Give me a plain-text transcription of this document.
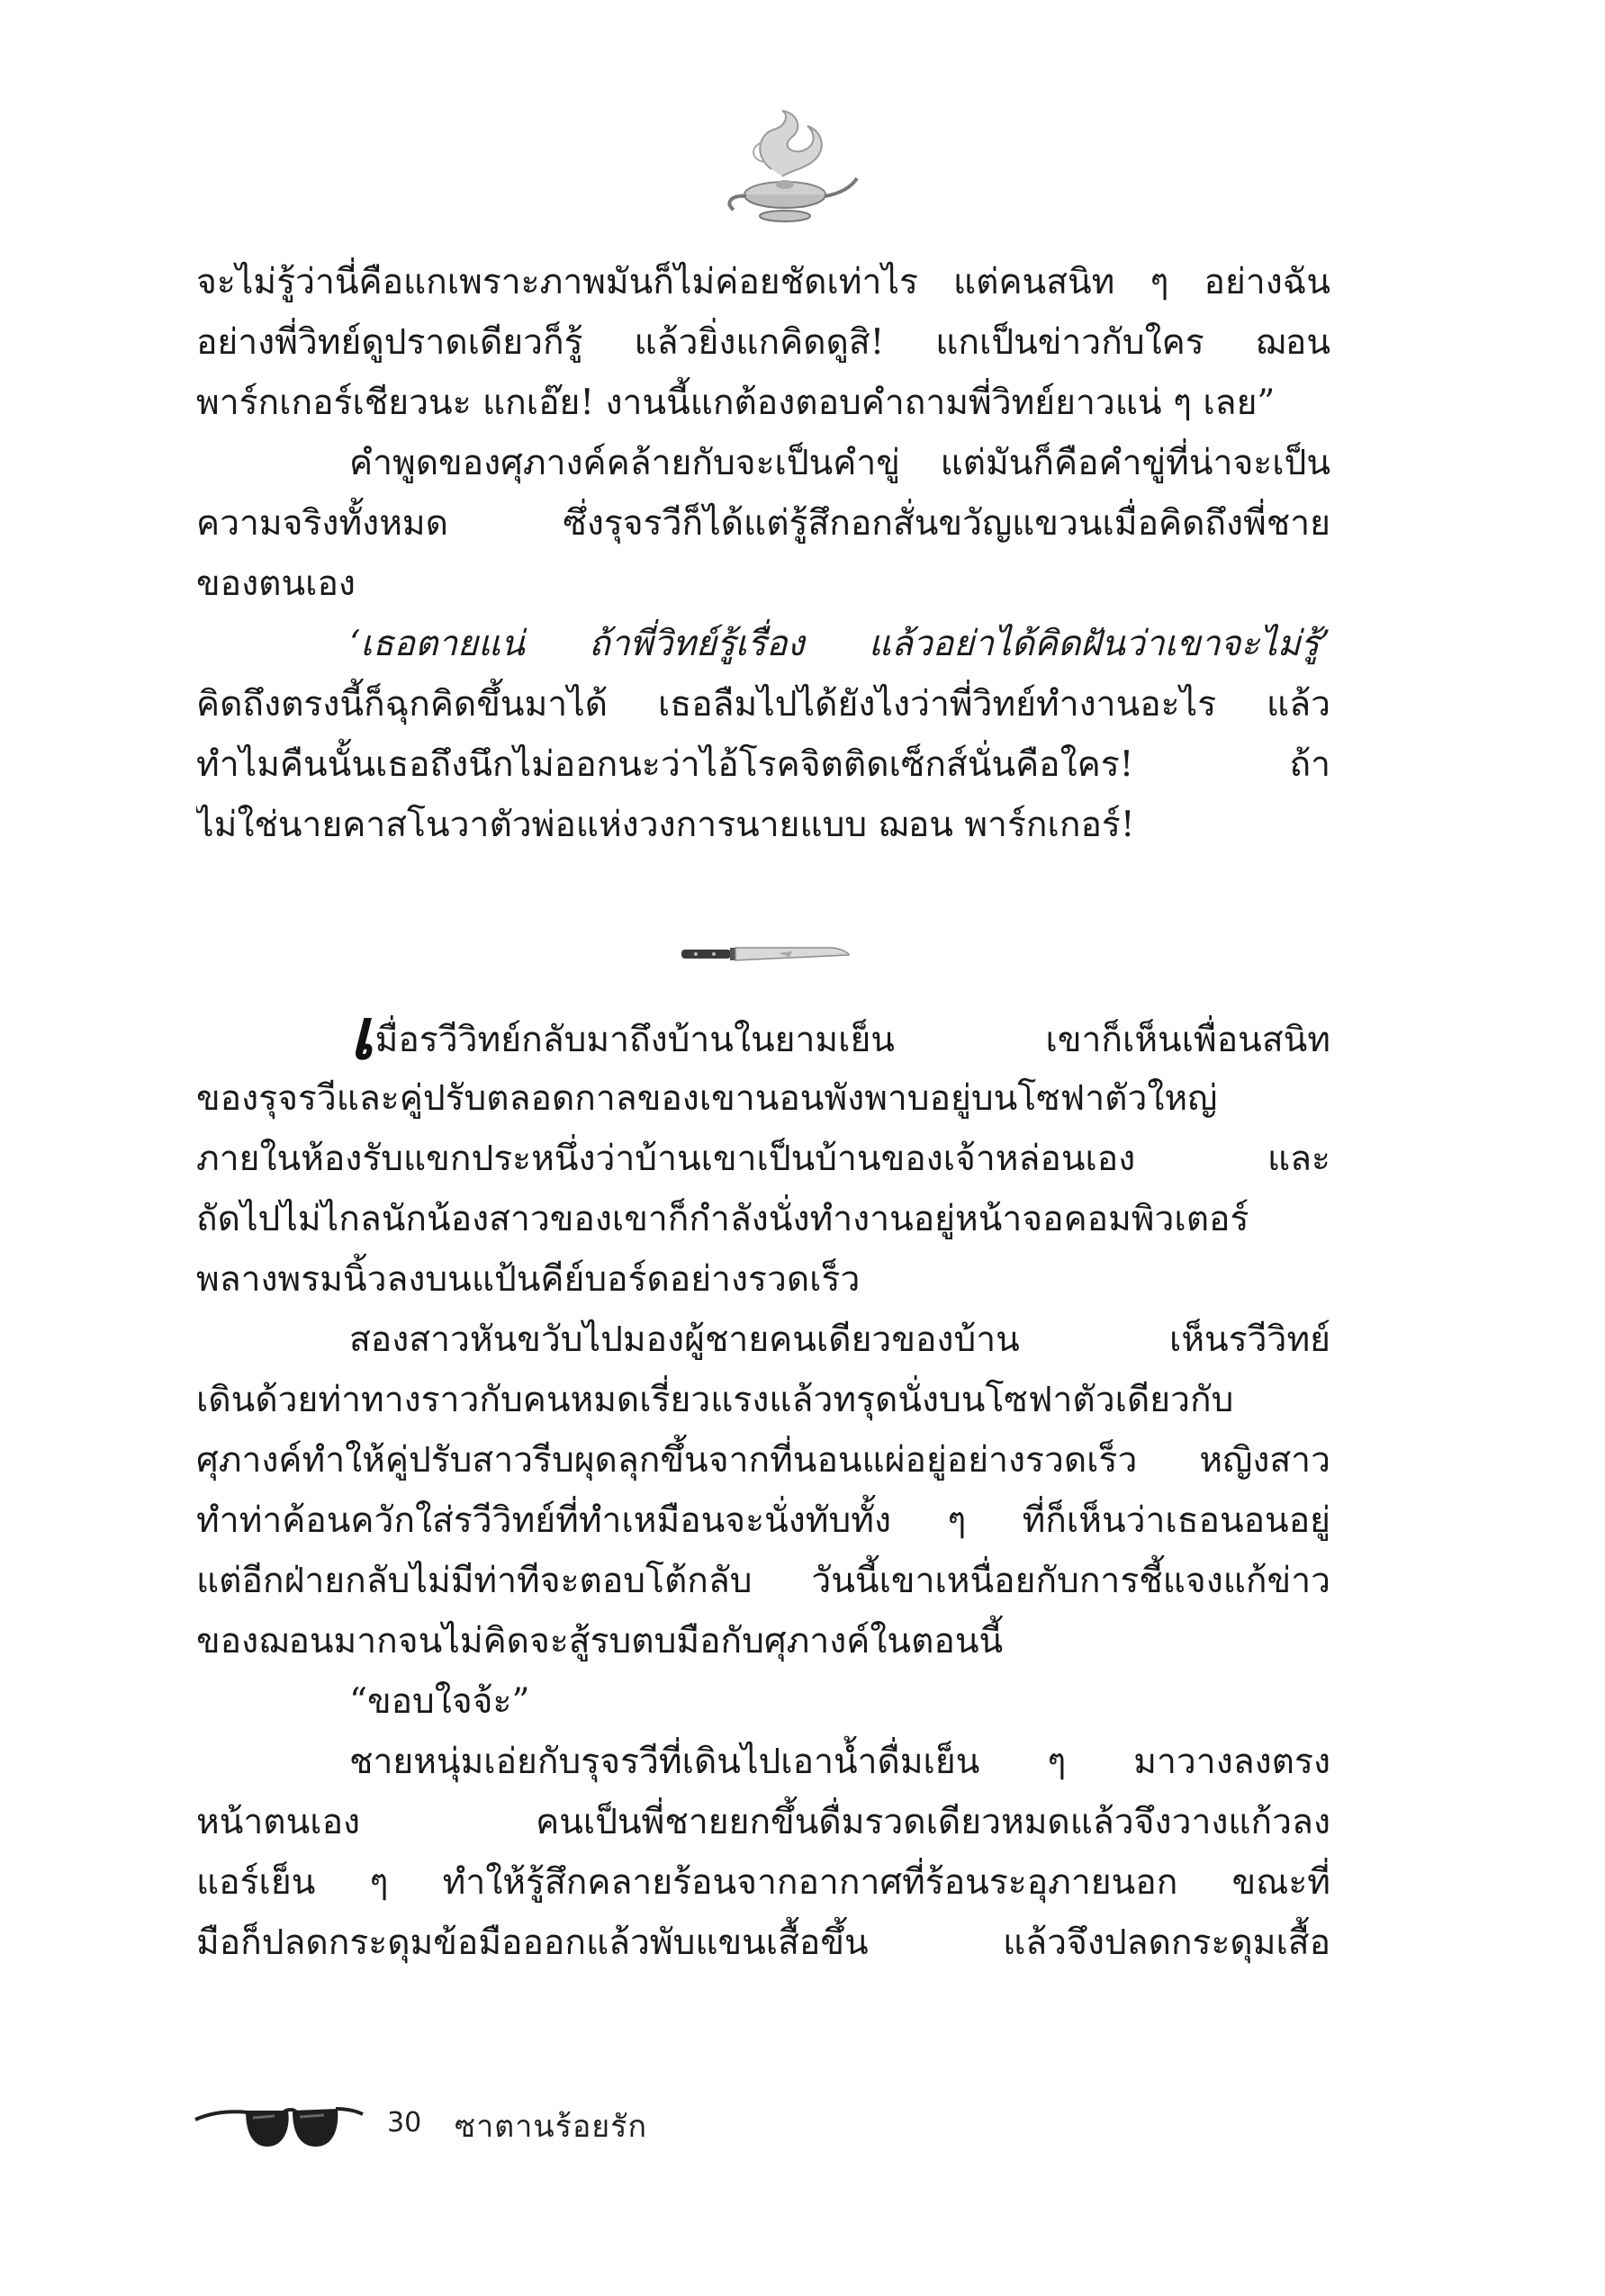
จะไม่รู้ว่านี่คือแกเพราะภาพมันก็ไม่ค่อยชัดเท่าไร แต่คนสนิท ๆ อย่างฉัน
อย่างพี่วิทย์ดูปราดเดียวก็รู้ แล้วยิ่งแกคิดดูสิ! แกเป็นข่าวกับใคร ฌอน
พาร์กเกอร์เชียวนะ แกเอ๊ย! งานนี้แกต้องตอบคำถามพี่วิทย์ยาวแน่ ๆ เลย”
คำพูดของศุภางค์คล้ายกับจะเป็นคำขู่ แต่มันก็คือคำขู่ที่น่าจะเป็น
ความจริงทั้งหมด ซึ่งรุจรวีก็ได้แต่รู้สึกอกสั่นขวัญแขวนเมื่อคิดถึงพี่ชาย
ของตนเอง
‘เธอตายแน่ ถ้าพี่วิทย์รู้เรื่อง แล้วอย่าได้คิดฝันว่าเขาจะไม่รู้’
คิดถึงตรงนี้ก็ฉุกคิดขึ้นมาได้ เธอลืมไปได้ยังไงว่าพี่วิทย์ทำงานอะไร แล้ว
ทำไมคืนนั้นเธอถึงนึกไม่ออกนะว่าไอ้โรคจิตติดเซ็กส์นั่นคือใคร! ถ้า
ไม่ใช่นายคาสโนวาตัวพ่อแห่งวงการนายแบบ ฌอน พาร์กเกอร์!
เมื่อรวีวิทย์กลับมาถึงบ้านในยามเย็น เขาก็เห็นเพื่อนสนิท
ของรุจรวีและคู่ปรับตลอดกาลของเขานอนพังพาบอยู่บนโซฟาตัวใหญ่
ภายในห้องรับแขกประหนึ่งว่าบ้านเขาเป็นบ้านของเจ้าหล่อนเอง และ
ถัดไปไม่ไกลนักน้องสาวของเขาก็กำลังนั่งทำงานอยู่หน้าจอคอมพิวเตอร์
พลางพรมนิ้วลงบนแป้นคีย์บอร์ดอย่างรวดเร็ว
สองสาวหันขวับไปมองผู้ชายคนเดียวของบ้าน เห็นรวีวิทย์
เดินด้วยท่าทางราวกับคนหมดเรี่ยวแรงแล้วทรุดนั่งบนโซฟาตัวเดียวกับ
ศุภางค์ทำให้คู่ปรับสาวรีบผุดลุกขึ้นจากที่นอนแผ่อยู่อย่างรวดเร็ว หญิงสาว
ทำท่าค้อนควักใส่รวีวิทย์ที่ทำเหมือนจะนั่งทับทั้ง ๆ ที่ก็เห็นว่าเธอนอนอยู่
แต่อีกฝ่ายกลับไม่มีท่าทีจะตอบโต้กลับ วันนี้เขาเหนื่อยกับการชี้แจงแก้ข่าว
ของฌอนมากจนไม่คิดจะสู้รบตบมือกับศุภางค์ในตอนนี้
“ขอบใจจ้ะ”
ชายหนุ่มเอ่ยกับรุจรวีที่เดินไปเอาน้ำดื่มเย็น ๆ มาวางลงตรง
หน้าตนเอง คนเป็นพี่ชายยกขึ้นดื่มรวดเดียวหมดแล้วจึงวางแก้วลง
แอร์เย็น ๆ ทำให้รู้สึกคลายร้อนจากอากาศที่ร้อนระอุภายนอก ขณะที่
มือก็ปลดกระดุมข้อมือออกแล้วพับแขนเสื้อขึ้น แล้วจึงปลดกระดุมเสื้อ
30 ซาตานร้อยรัก
